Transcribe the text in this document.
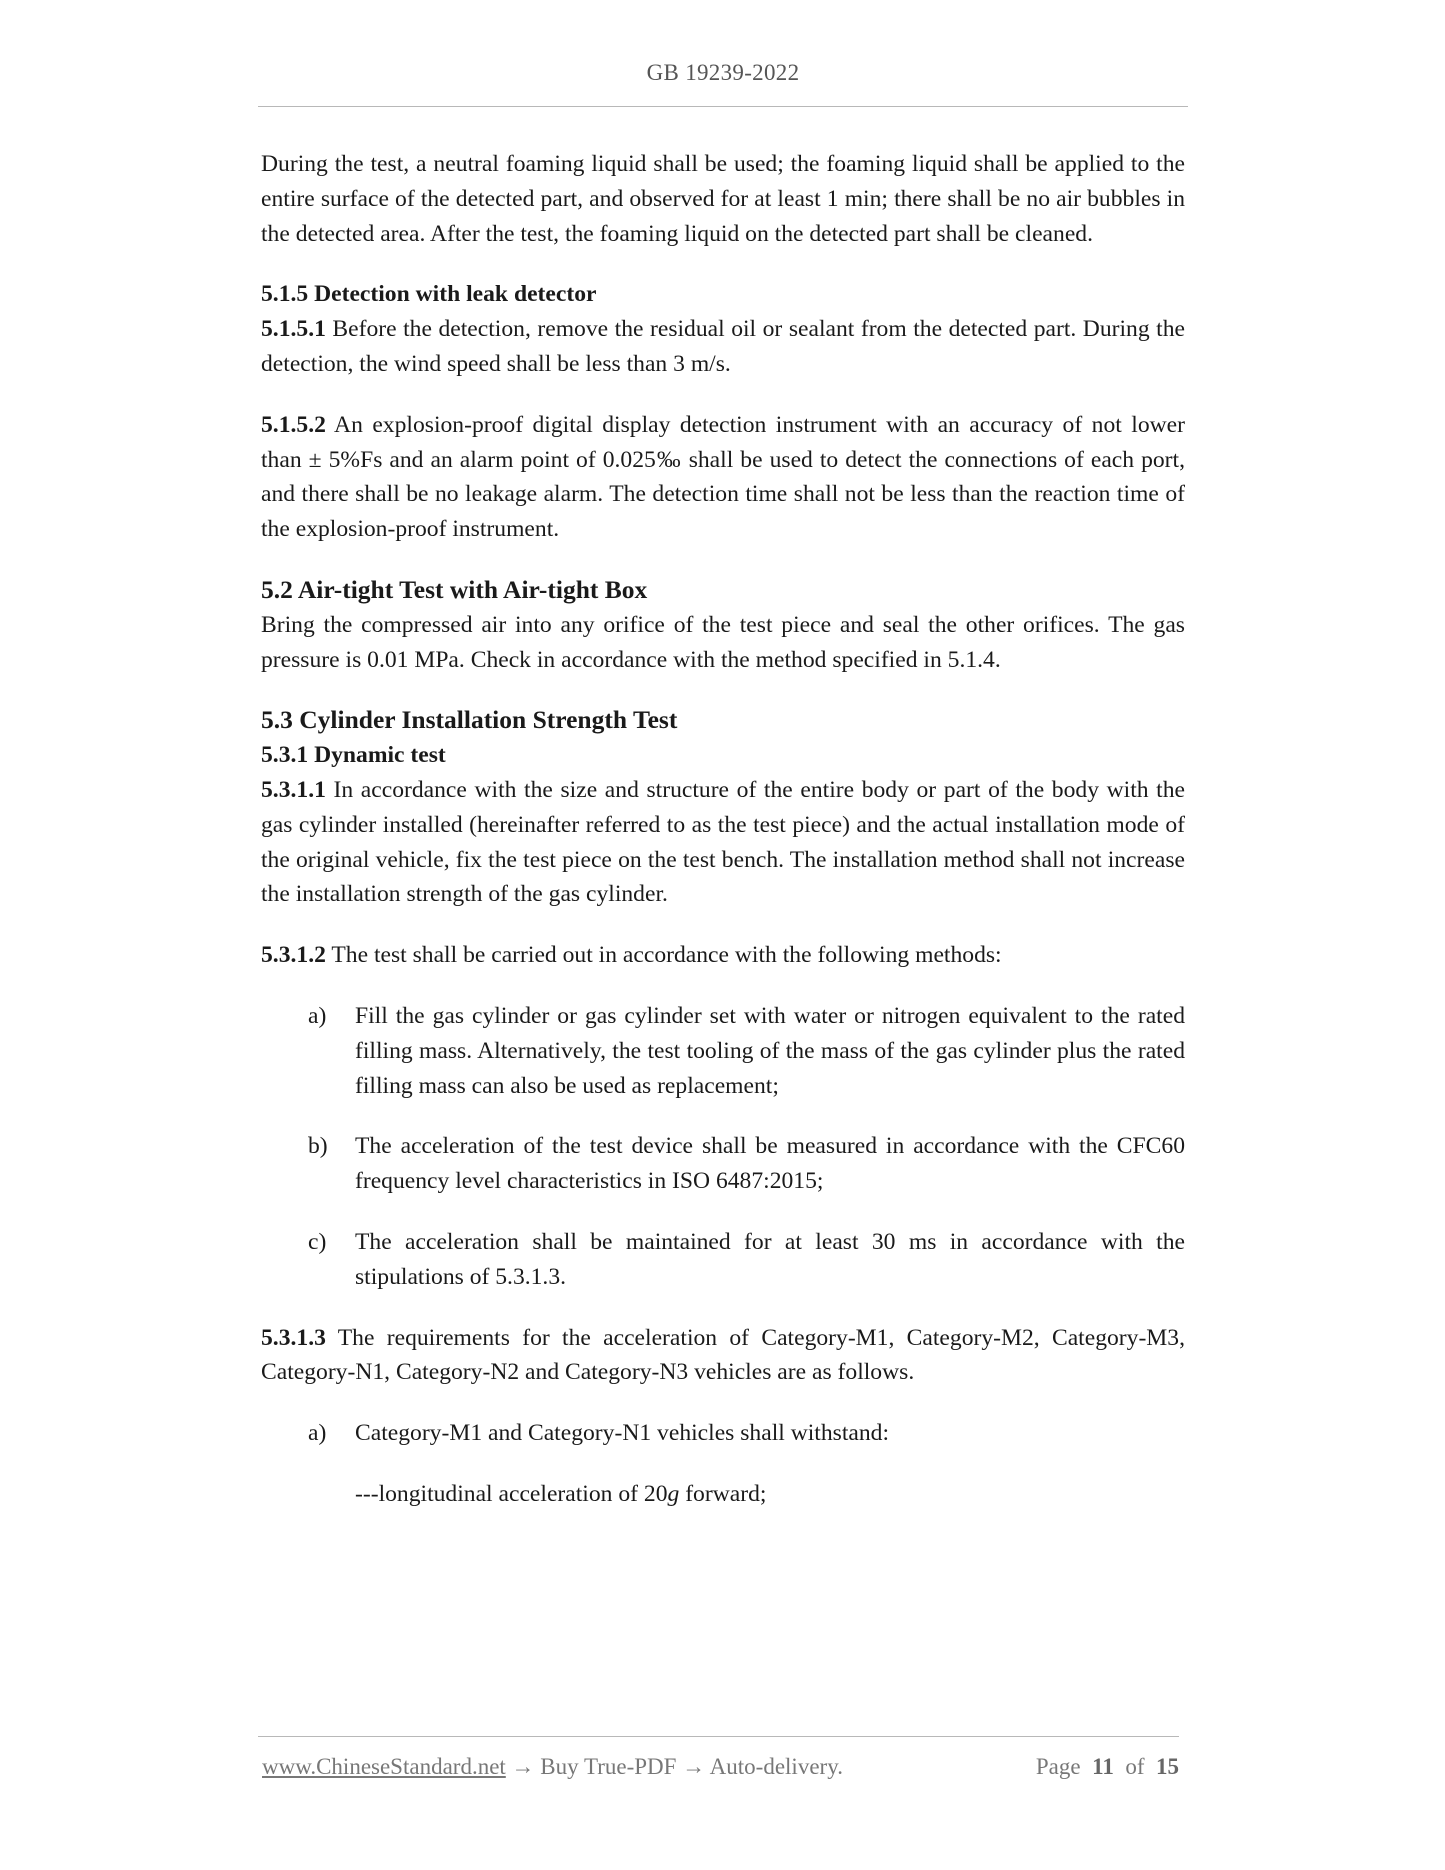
GB 19239-2022

During the test, a neutral foaming liquid shall be used; the foaming liquid shall be applied to the entire surface of the detected part, and observed for at least 1 min; there shall be no air bubbles in the detected area. After the test, the foaming liquid on the detected part shall be cleaned.

5.1.5 Detection with leak detector

5.1.5.1 Before the detection, remove the residual oil or sealant from the detected part. During the detection, the wind speed shall be less than 3 m/s.

5.1.5.2 An explosion-proof digital display detection instrument with an accuracy of not lower than ± 5%Fs and an alarm point of 0.025‰ shall be used to detect the connections of each port, and there shall be no leakage alarm. The detection time shall not be less than the reaction time of the explosion-proof instrument.

5.2 Air-tight Test with Air-tight Box

Bring the compressed air into any orifice of the test piece and seal the other orifices. The gas pressure is 0.01 MPa. Check in accordance with the method specified in 5.1.4.

5.3 Cylinder Installation Strength Test

5.3.1 Dynamic test

5.3.1.1 In accordance with the size and structure of the entire body or part of the body with the gas cylinder installed (hereinafter referred to as the test piece) and the actual installation mode of the original vehicle, fix the test piece on the test bench. The installation method shall not increase the installation strength of the gas cylinder.

5.3.1.2 The test shall be carried out in accordance with the following methods:

a) Fill the gas cylinder or gas cylinder set with water or nitrogen equivalent to the rated filling mass. Alternatively, the test tooling of the mass of the gas cylinder plus the rated filling mass can also be used as replacement;
b) The acceleration of the test device shall be measured in accordance with the CFC60 frequency level characteristics in ISO 6487:2015;
c) The acceleration shall be maintained for at least 30 ms in accordance with the stipulations of 5.3.1.3.

5.3.1.3 The requirements for the acceleration of Category-M1, Category-M2, Category-M3, Category-N1, Category-N2 and Category-N3 vehicles are as follows.

a) Category-M1 and Category-N1 vehicles shall withstand:

---longitudinal acceleration of 20g forward;

www.ChineseStandard.net → Buy True-PDF → Auto-delivery.	Page 11 of 15
